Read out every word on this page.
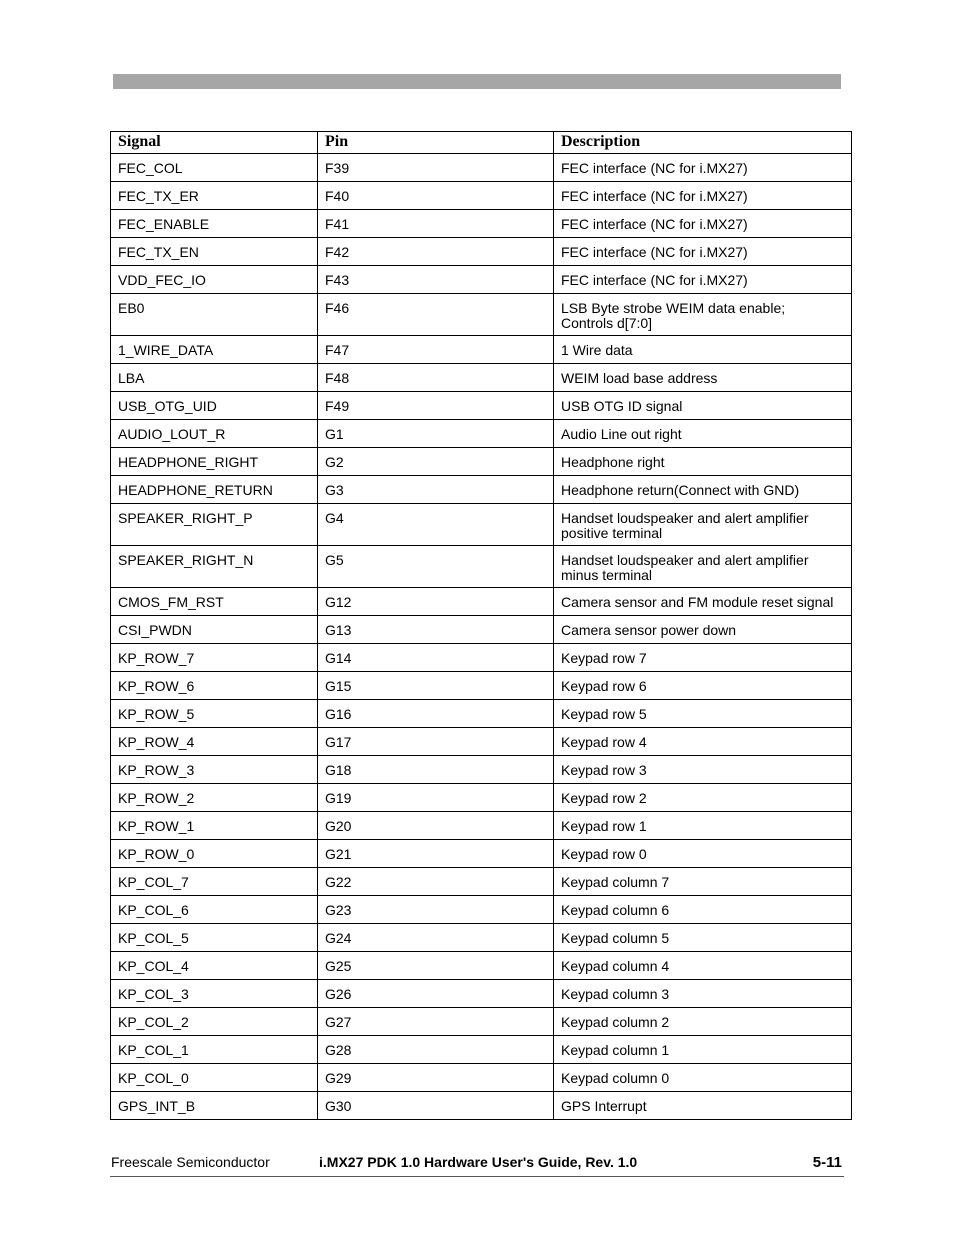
Signal	Pin	Description
FEC_COL	F39	FEC interface (NC for i.MX27)
FEC_TX_ER	F40	FEC interface (NC for i.MX27)
FEC_ENABLE	F41	FEC interface (NC for i.MX27)
FEC_TX_EN	F42	FEC interface (NC for i.MX27)
VDD_FEC_IO	F43	FEC interface (NC for i.MX27)
EB0	F46	LSB Byte strobe WEIM data enable;
Controls d[7:0]
1_WIRE_DATA	F47	1 Wire data
LBA	F48	WEIM load base address
USB_OTG_UID	F49	USB OTG ID signal
AUDIO_LOUT_R	G1	Audio Line out right
HEADPHONE_RIGHT	G2	Headphone right
HEADPHONE_RETURN	G3	Headphone return(Connect with GND)
SPEAKER_RIGHT_P	G4	Handset loudspeaker and alert amplifier
positive terminal
SPEAKER_RIGHT_N	G5	Handset loudspeaker and alert amplifier
minus terminal
CMOS_FM_RST	G12	Camera sensor and FM module reset signal
CSI_PWDN	G13	Camera sensor power down
KP_ROW_7	G14	Keypad row 7
KP_ROW_6	G15	Keypad row 6
KP_ROW_5	G16	Keypad row 5
KP_ROW_4	G17	Keypad row 4
KP_ROW_3	G18	Keypad row 3
KP_ROW_2	G19	Keypad row 2
KP_ROW_1	G20	Keypad row 1
KP_ROW_0	G21	Keypad row 0
KP_COL_7	G22	Keypad column 7
KP_COL_6	G23	Keypad column 6
KP_COL_5	G24	Keypad column 5
KP_COL_4	G25	Keypad column 4
KP_COL_3	G26	Keypad column 3
KP_COL_2	G27	Keypad column 2
KP_COL_1	G28	Keypad column 1
KP_COL_0	G29	Keypad column 0
GPS_INT_B	G30	GPS Interrupt
Freescale Semiconductor	i.MX27 PDK 1.0 Hardware User's Guide, Rev. 1.0	5-11
